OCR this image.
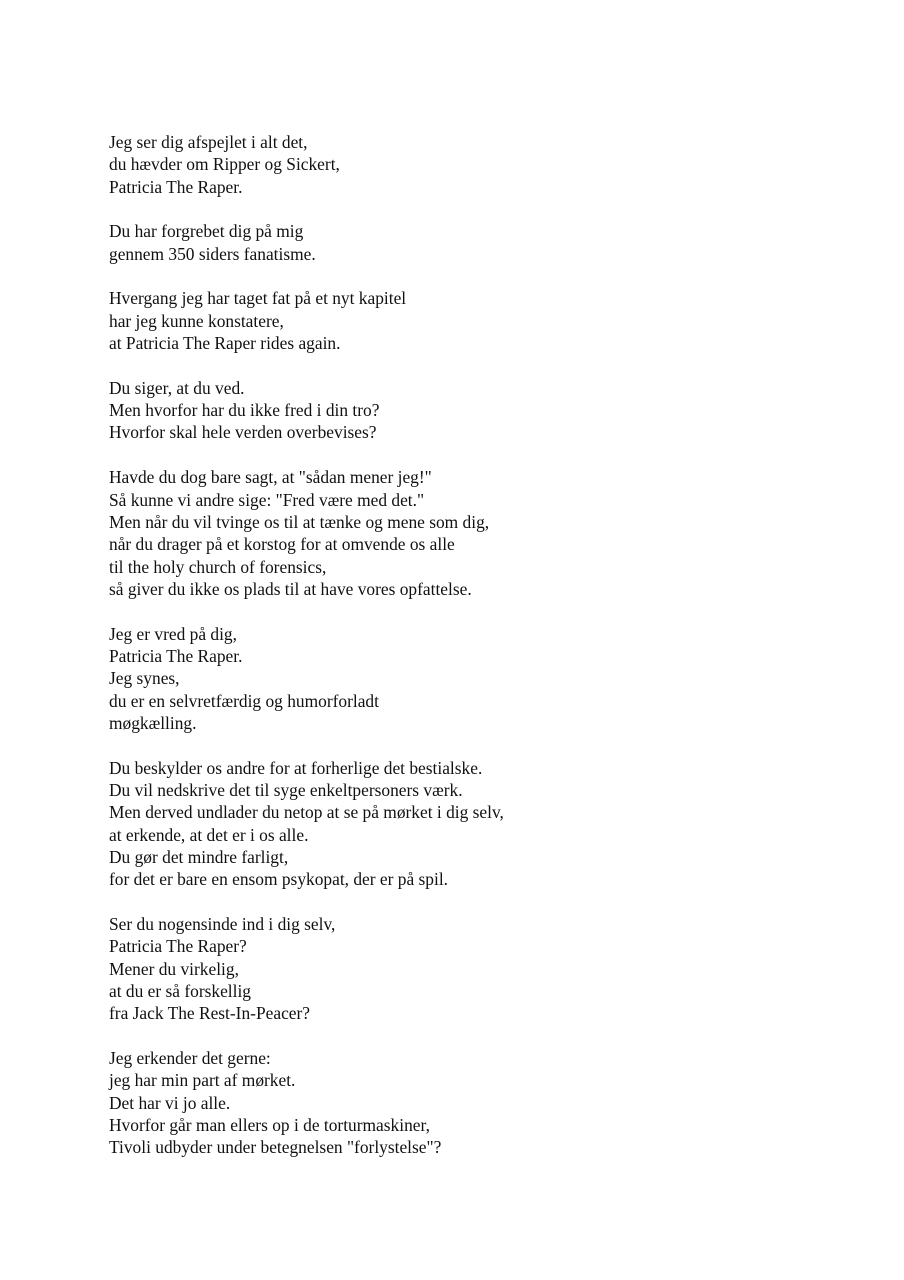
Jeg ser dig afspejlet i alt det,
du hævder om Ripper og Sickert,
Patricia The Raper.
Du har forgrebet dig på mig
gennem 350 siders fanatisme.
Hvergang jeg har taget fat på et nyt kapitel
har jeg kunne konstatere,
at Patricia The Raper rides again.
Du siger, at du ved.
Men hvorfor har du ikke fred i din tro?
Hvorfor skal hele verden overbevises?
Havde du dog bare sagt, at "sådan mener jeg!"
Så kunne vi andre sige: "Fred være med det."
Men når du vil tvinge os til at tænke og mene som dig,
når du drager på et korstog for at omvende os alle
til the holy church of forensics,
så giver du ikke os plads til at have vores opfattelse.
Jeg er vred på dig,
Patricia The Raper.
Jeg synes,
du er en selvretfærdig og humorforladt
møgkælling.
Du beskylder os andre for at forherlige det bestialske.
Du vil nedskrive det til syge enkeltpersoners værk.
Men derved undlader du netop at se på mørket i dig selv,
at erkende, at det er i os alle.
Du gør det mindre farligt,
for det er bare en ensom psykopat, der er på spil.
Ser du nogensinde ind i dig selv,
Patricia The Raper?
Mener du virkelig,
at du er så forskellig
fra Jack The Rest-In-Peacer?
Jeg erkender det gerne:
jeg har min part af mørket.
Det har vi jo alle.
Hvorfor går man ellers op i de torturmaskiner,
Tivoli udbyder under betegnelsen "forlystelse"?
